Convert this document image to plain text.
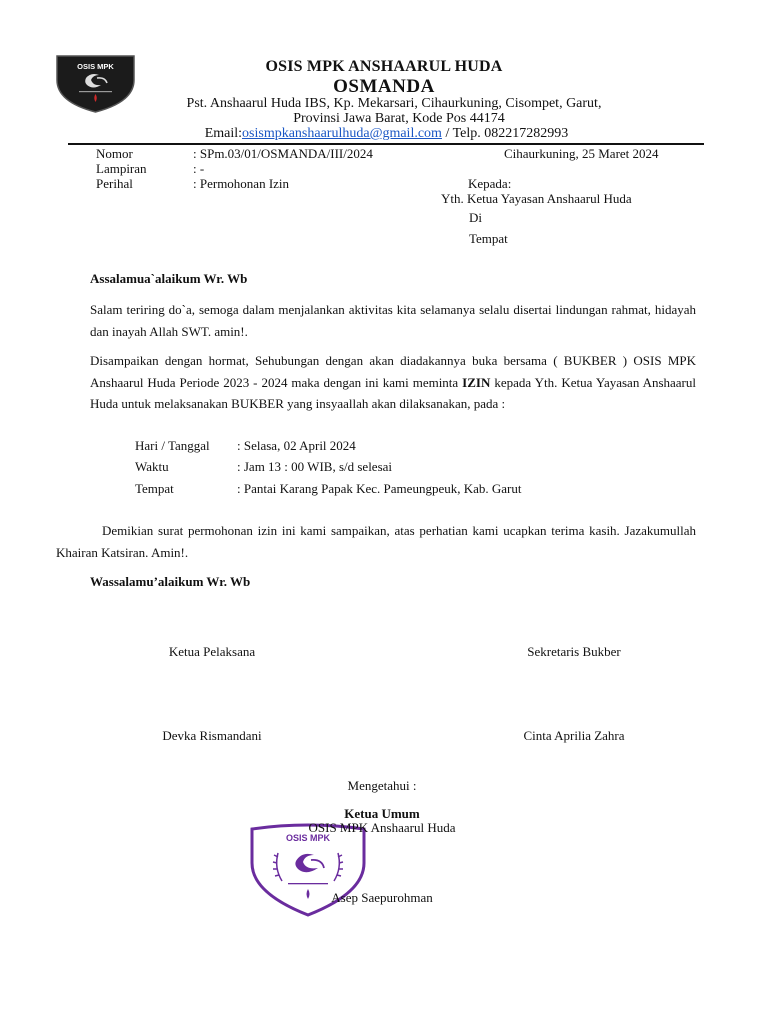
OSIS MPK	OSIS MPK ANSHAARUL HUDA
OSMANDA
Pst. Anshaarul Huda IBS, Kp. Mekarsari, Cihaurkuning, Cisompet, Garut,
Provinsi Jawa Barat, Kode Pos 44174
Email:osismpkanshaarulhuda@gmail.com / Telp. 082217282993
Nomor	: SPm.03/01/OSMANDA/III/2024
Lampiran	: -
Perihal	: Permohonan Izin
Cihaurkuning, 25 Maret 2024
Kepada:
Yth. Ketua Yayasan Anshaarul Huda
Di
Tempat
Assalamua`alaikum Wr. Wb
Salam teriring do`a, semoga dalam menjalankan aktivitas kita selamanya selalu disertai lindungan rahmat, hidayah dan inayah Allah SWT. amin!.
Disampaikan dengan hormat, Sehubungan dengan akan diadakannya buka bersama ( BUKBER ) OSIS MPK Anshaarul Huda Periode 2023 - 2024 maka dengan ini kami meminta IZIN kepada Yth. Ketua Yayasan Anshaarul Huda untuk melaksanakan BUKBER yang insyaallah akan dilaksanakan, pada :
Hari / Tanggal : Selasa, 02 April 2024
Waktu	: Jam 13 : 00 WIB, s/d selesai
Tempat	: Pantai Karang Papak Kec. Pameungpeuk, Kab. Garut
Demikian surat permohonan izin ini kami sampaikan, atas perhatian kami ucapkan terima kasih. Jazakumullah Khairan Katsiran. Amin!.
Wassalamu’alaikum Wr. Wb
Ketua Pelaksana	Sekretaris Bukber
Devka Rismandani	Cinta Aprilia Zahra
Mengetahui :
Ketua Umum
OSIS MPK
OSIS MPK Anshaarul Huda
Asep Saepurohman
